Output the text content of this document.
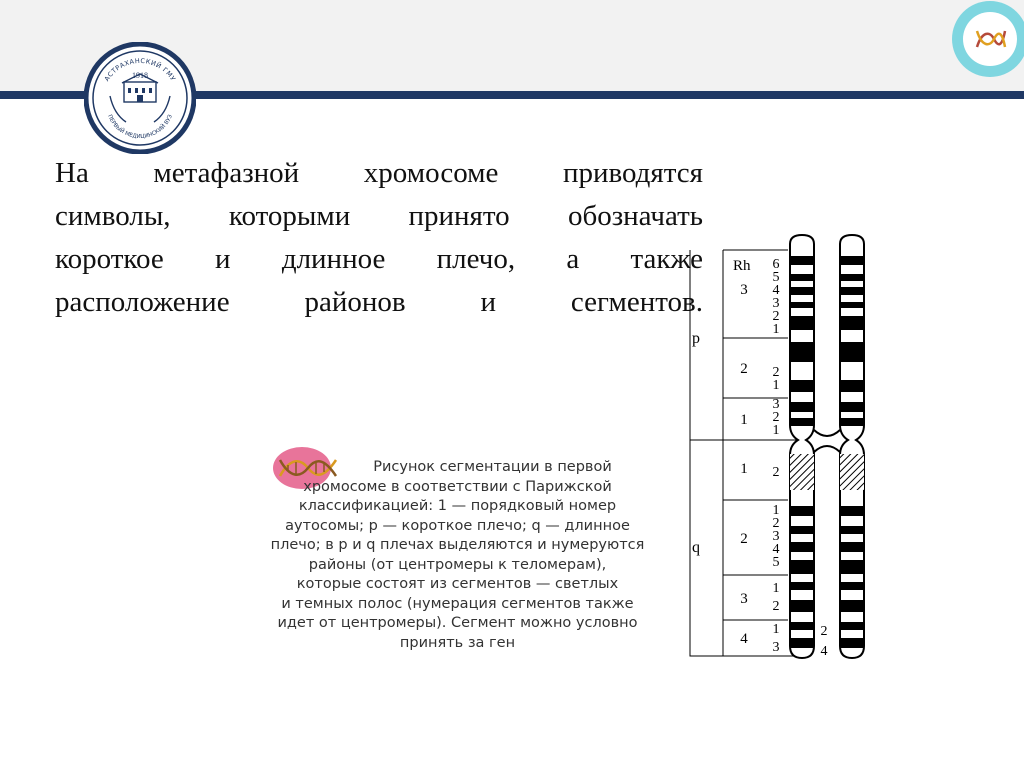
АСТРАХАНСКИЙ ГМУ
ПЕРВЫЙ МЕДИЦИНСКИЙ ВУЗ
1918
На метафазной хромосоме приводятся
символы, которыми принято обозначать
короткое и длинное плечо, а также
расположение	районов	и	сегментов.
Рисунок сегментации в первой
хромосоме в соответствии с Парижской
классификацией: 1 — порядковый номер
аутосомы; р — короткое плечо; q — длинное
плечо; в р и q плечах выделяются и нумеруются
районы (от центромеры к теломерам),
которые состоят из сегментов — светлых
и темных полос (нумерация сегментов также
идет от центромеры). Сегмент можно условно
принять за ген
Rh
p
q
3
2
1
1
2
3
4
6
5
4
3
2
1
2
1
3
2
1
2
1
2
3
4
5
1
2
1
3
2
4
